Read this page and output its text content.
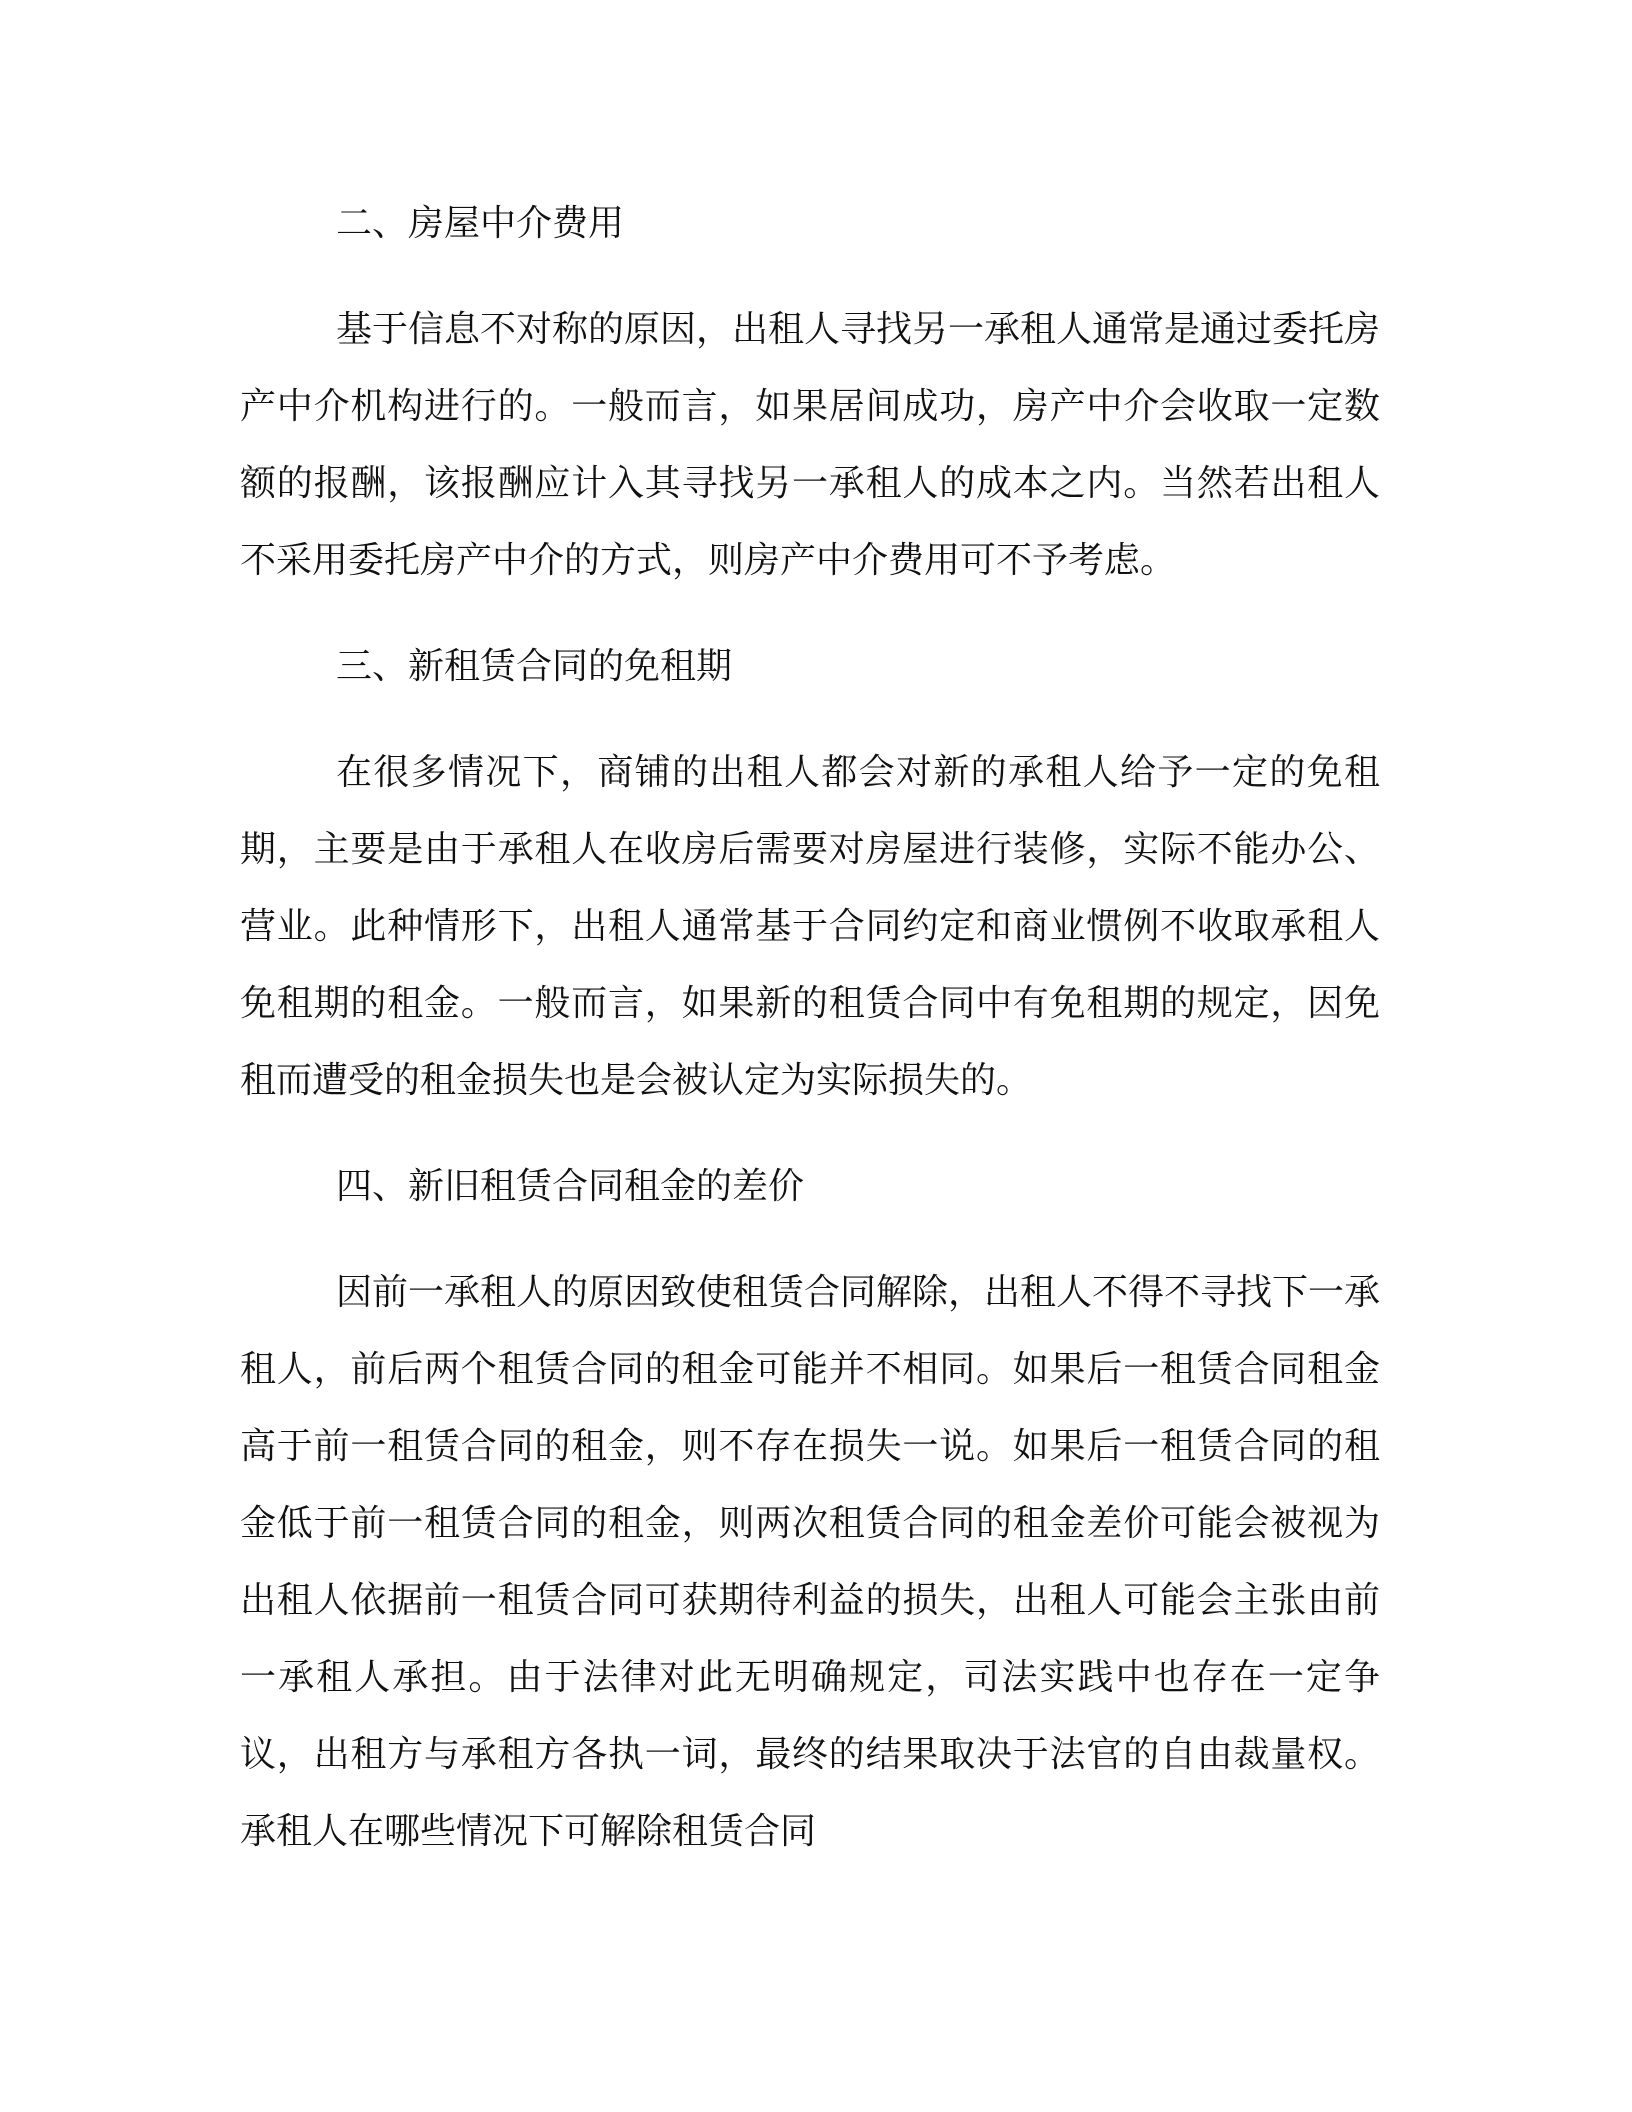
二、房屋中介费用
基于信息不对称的原因，出租人寻找另一承租人通常是通过委托房产中介机构进行的。一般而言，如果居间成功，房产中介会收取一定数额的报酬，该报酬应计入其寻找另一承租人的成本之内。当然若出租人不采用委托房产中介的方式，则房产中介费用可不予考虑。
三、新租赁合同的免租期
在很多情况下，商铺的出租人都会对新的承租人给予一定的免租期，主要是由于承租人在收房后需要对房屋进行装修，实际不能办公、营业。此种情形下，出租人通常基于合同约定和商业惯例不收取承租人免租期的租金。一般而言，如果新的租赁合同中有免租期的规定，因免租而遭受的租金损失也是会被认定为实际损失的。
四、新旧租赁合同租金的差价
因前一承租人的原因致使租赁合同解除，出租人不得不寻找下一承租人，前后两个租赁合同的租金可能并不相同。如果后一租赁合同租金高于前一租赁合同的租金，则不存在损失一说。如果后一租赁合同的租金低于前一租赁合同的租金，则两次租赁合同的租金差价可能会被视为出租人依据前一租赁合同可获期待利益的损失，出租人可能会主张由前一承租人承担。由于法律对此无明确规定，司法实践中也存在一定争议，出租方与承租方各执一词，最终的结果取决于法官的自由裁量权。承租人在哪些情况下可解除租赁合同
